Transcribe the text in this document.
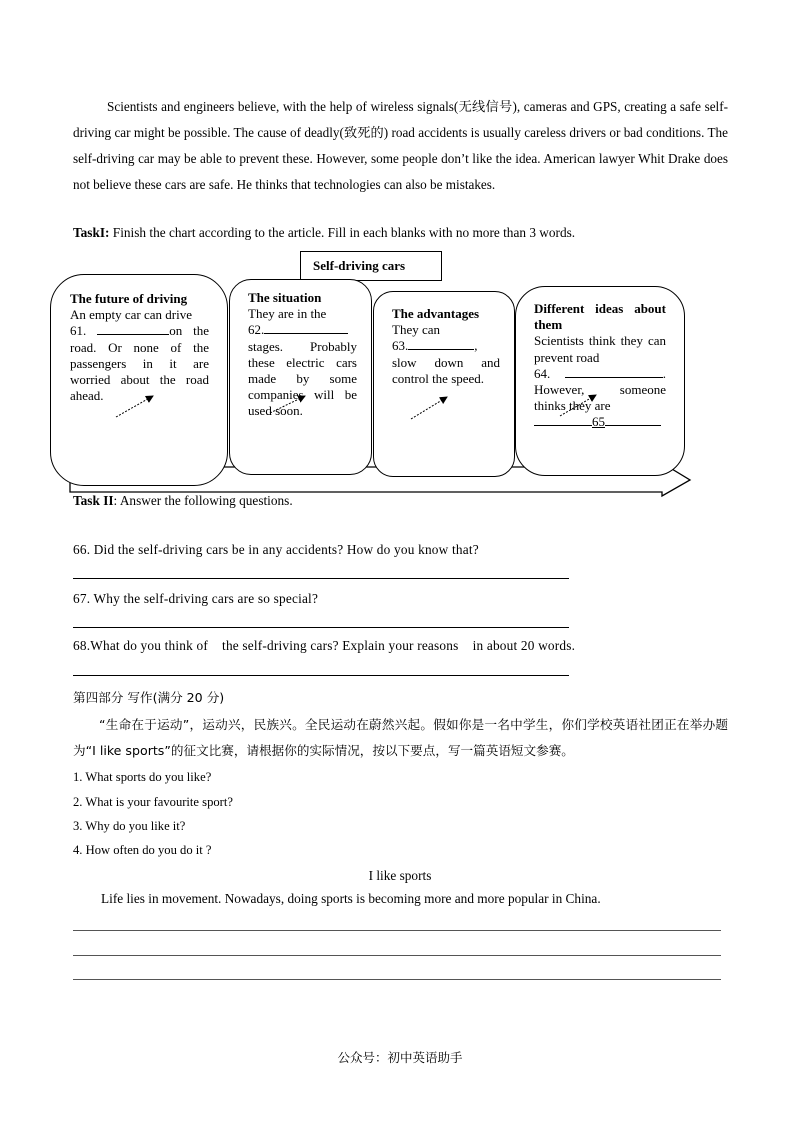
Scientists and engineers believe, with the help of wireless signals(无线信号), cameras and GPS, creating a safe self-driving car might be possible. The cause of deadly(致死的) road accidents is usually careless drivers or bad conditions. The self-driving car may be able to prevent these. However, some people don’t like the idea. American lawyer Whit Drake does not believe these cars are safe. He thinks that technologies can also be mistakes.
TaskI: Finish the chart according to the article. Fill in each blanks with no more than 3 words.
Self-driving cars
The future of driving
An empty car can drive
61.	on the road. Or none of the passengers in it are worried about the road ahead.
The situation
They are in the
62. stages. Probably these electric cars made by some companies will be used soon.
The advantages
They can
63.	, slow down and control the speed.
Different ideas about them
Scientists think they can prevent road
64.	. However, someone thinks they are
65
Task II: Answer the following questions.
66. Did the self-driving cars be in any accidents? How do you know that?
67. Why the self-driving cars are so special?
68.What do you think of    the self-driving cars? Explain your reasons    in about 20 words.
第四部分 写作(满分 20 分)
“生命在于运动”，运动兴，民族兴。全民运动在蔚然兴起。假如你是一名中学生，你们学校英语社团正在举办题为“I like sports”的征文比赛，请根据你的实际情况，按以下要点，写一篇英语短文参赛。
1. What sports do you like?
2. What is your favourite sport?
3. Why do you like it?
4. How often do you do it ?
I like sports
Life lies in movement. Nowadays, doing sports is becoming more and more popular in China.
公众号：初中英语助手
